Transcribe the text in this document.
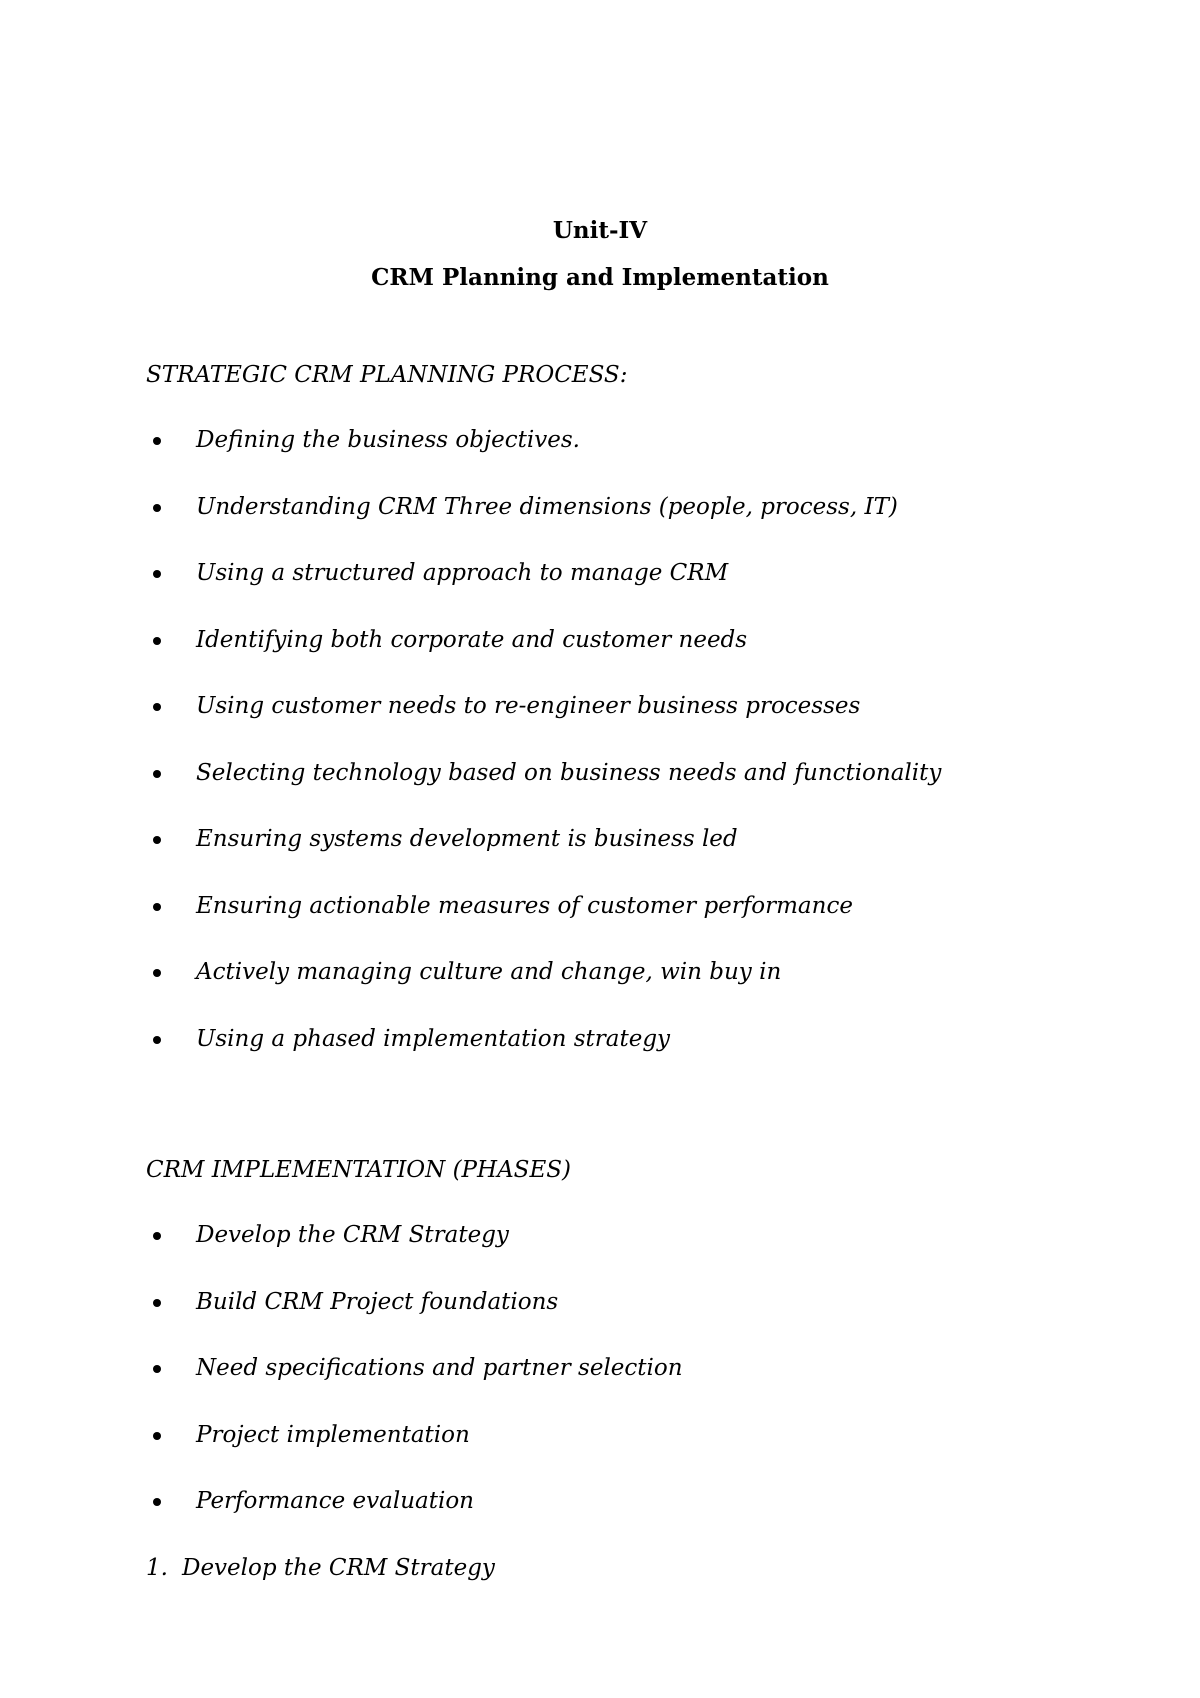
Unit-IV
CRM Planning and Implementation
STRATEGIC CRM PLANNING PROCESS:
Defining the business objectives.
Understanding CRM Three dimensions (people, process, IT)
Using a structured approach to manage CRM
Identifying both corporate and customer needs
Using customer needs to re-engineer business processes
Selecting technology based on business needs and functionality
Ensuring systems development is business led
Ensuring actionable measures of customer performance
Actively managing culture and change, win buy in
Using a phased implementation strategy
CRM IMPLEMENTATION (PHASES)
Develop the CRM Strategy
Build CRM Project foundations
Need specifications and partner selection
Project implementation
Performance evaluation
1. Develop the CRM Strategy
